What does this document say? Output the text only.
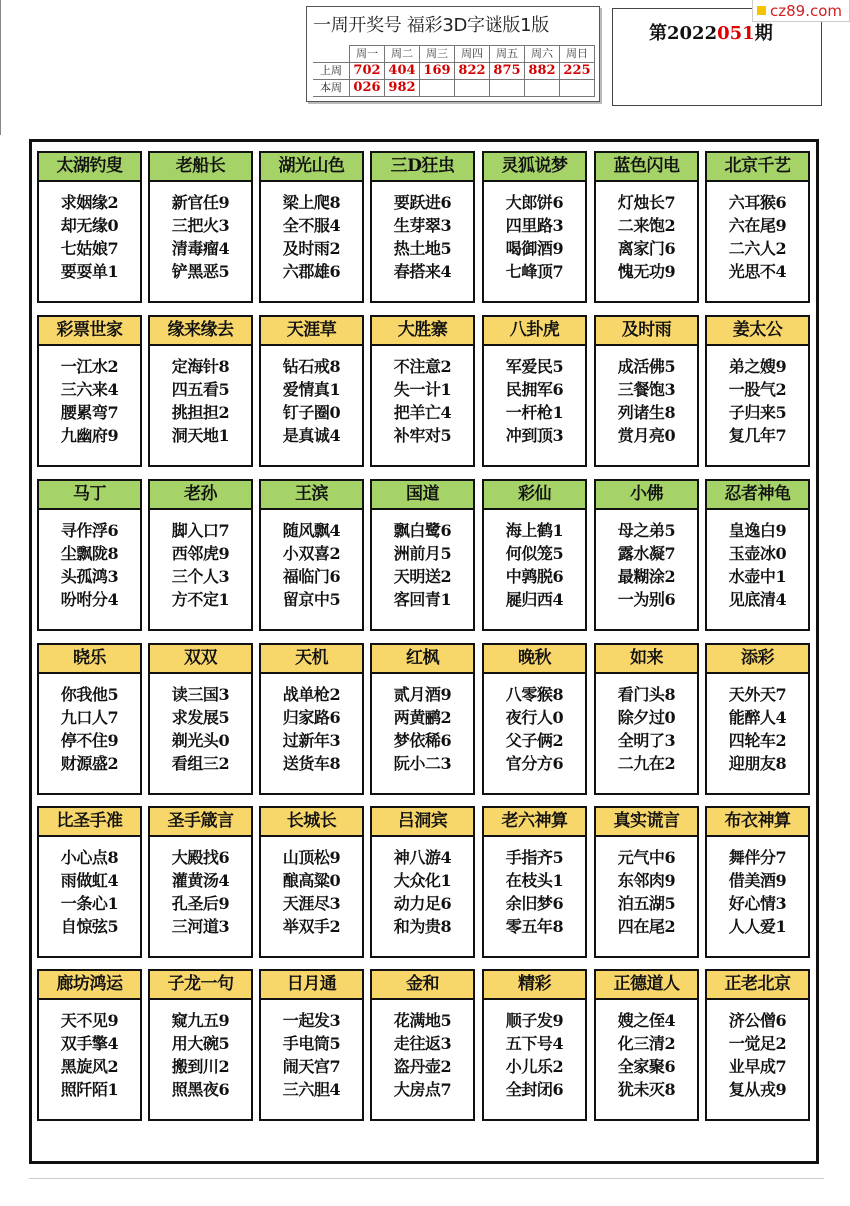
一周开奖号 福彩3D字谜版1版
	周一	周二	周三	周四	周五	周六	周日
上周	702	404	169	822	875	882	225
本周	026	982					
第2022051期
cz89.com
太湖钓叟
求姻缘2
却无缘0
七姑娘7
要耍单1
老船长
新官任9
三把火3
清毒瘤4
铲黑恶5
湖光山色
梁上爬8
全不服4
及时雨2
六郡雄6
三D狂虫
要跃进6
生芽翠3
热土地5
春搭来4
灵狐说梦
大郎饼6
四里路3
喝御酒9
七峰顶7
蓝色闪电
灯烛长7
二来饱2
离家门6
愧无功9
北京千艺
六耳猴6
六在尾9
二六人2
光思不4
彩票世家
一江水2
三六来4
腰累弯7
九幽府9
缘来缘去
定海针8
四五看5
挑担担2
洞天地1
天涯草
钻石戒8
爱情真1
钉子圈0
是真诚4
大胜寨
不注意2
失一计1
把羊亡4
补牢对5
八卦虎
军爱民5
民拥军6
一杆枪1
冲到顶3
及时雨
成活佛5
三餐饱3
列诸生8
赏月亮0
姜太公
弟之嫂9
一股气2
子归来5
复几年7
马丁
寻作浮6
尘飘陇8
头孤鸿3
吩咐分4
老孙
脚入口7
西邻虎9
三个人3
方不定1
王滨
随风飘4
小双喜2
福临门6
留京中5
国道
飘白鹭6
洲前月5
天明送2
客回青1
彩仙
海上鹤1
何似笼5
中鹑脱6
屣归西4
小佛
母之弟5
露水凝7
最糊涂2
一为别6
忍者神龟
皇逸白9
玉壶冰0
水壶中1
见底清4
晓乐
你我他5
九口人7
停不住9
财源盛2
双双
读三国3
求发展5
剃光头0
看组三2
天机
战单枪2
归家路6
过新年3
送货车8
红枫
贰月酒9
两黄鹂2
梦依稀6
阮小二3
晚秋
八零猴8
夜行人0
父子俩2
官分方6
如来
看门头8
除夕过0
全明了3
二九在2
添彩
天外天7
能醉人4
四轮车2
迎朋友8
比圣手准
小心点8
雨做虹4
一条心1
自惊弦5
圣手箴言
大殿找6
灌黄汤4
孔圣后9
三河道3
长城长
山顶松9
酿高粱0
天涯尽3
举双手2
吕洞宾
神八游4
大众化1
动力足6
和为贵8
老六神算
手指齐5
在枝头1
余旧梦6
零五年8
真实谎言
元气中6
东邻肉9
泊五湖5
四在尾2
布衣神算
舞伴分7
借美酒9
好心情3
人人爱1
廊坊鸿运
天不见9
双手擎4
黑旋风2
照阡陌1
子龙一句
窥九五9
用大碗5
搬到川2
照黑夜6
日月通
一起发3
手电筒5
闹天宫7
三六胆4
金和
花满地5
走往返3
盗丹壶2
大房点7
精彩
顺子发9
五下号4
小儿乐2
全封闭6
正德道人
嫂之侄4
化三清2
全家聚6
犹未灭8
正老北京
济公僧6
一觉足2
业早成7
复从戎9
